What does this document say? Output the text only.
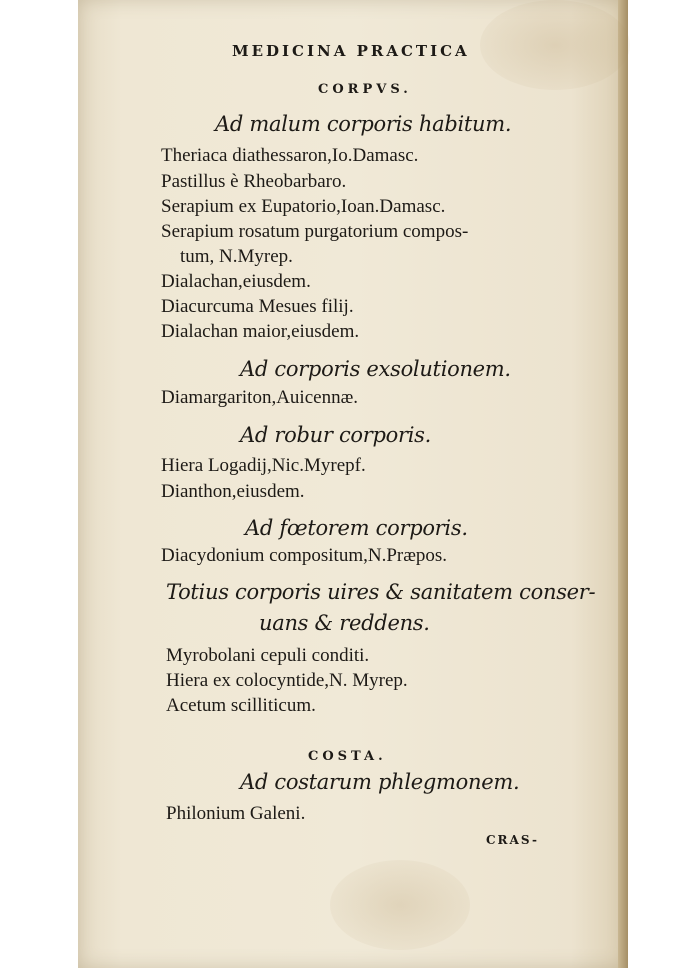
MEDICINA PRACTICA
CORPVS.
Ad malum corporis habitum.
Theriaca diathessaron,Io.Damasc.
Pastillus è Rheobarbaro.
Serapium ex Eupatorio,Ioan.Damasc.
Serapium rosatum purgatorium compos-
tum, N.Myrep.
Dialachan,eiusdem.
Diacurcuma Mesues filij.
Dialachan maior,eiusdem.
Ad corporis exsolutionem.
Diamargariton,Auicennæ.
Ad robur corporis.
Hiera Logadij,Nic.Myrepf.
Dianthon,eiusdem.
Ad fœtorem corporis.
Diacydonium compositum,N.Præpos.
Totius corporis uires & sanitatem conser-
uans & reddens.
Myrobolani cepuli conditi.
Hiera ex colocyntide,N. Myrep.
Acetum scilliticum.
COSTA.
Ad costarum phlegmonem.
Philonium Galeni.
CRAS-
